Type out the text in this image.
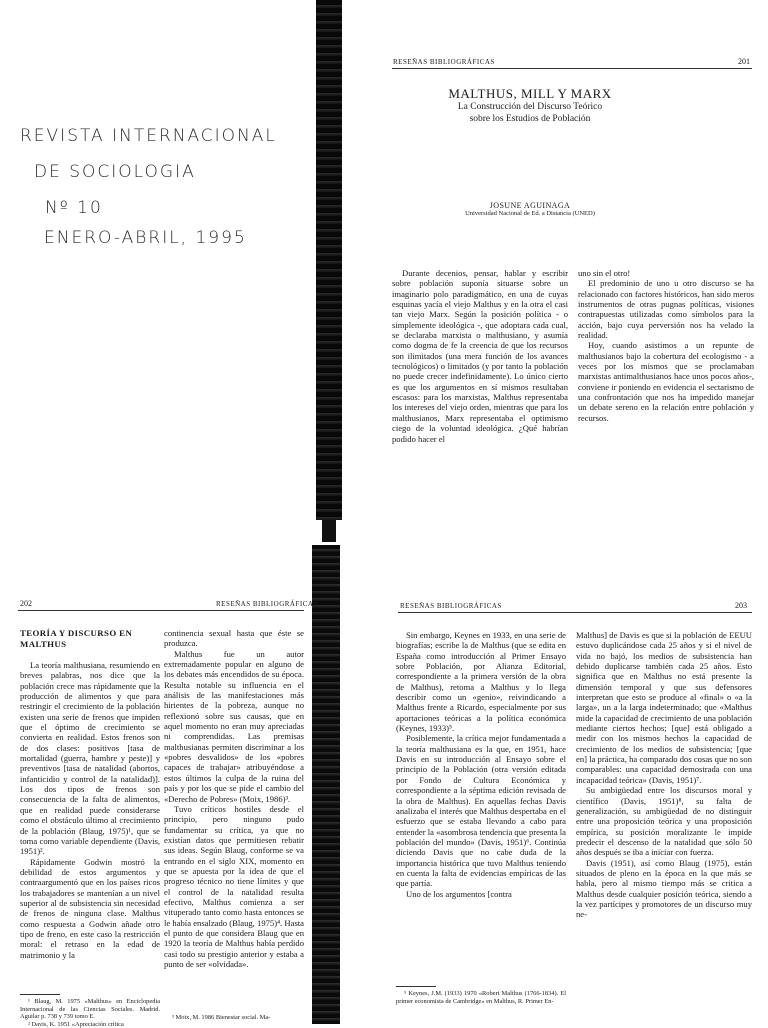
REVISTA INTERNACIONAL
DE SOCIOLOGIA
Nº 10
ENERO-ABRIL, 1995
RESEÑAS BIBLIOGRÁFICAS	201
MALTHUS, MILL Y MARX
La Construcción del Discurso Teórico
sobre los Estudios de Población
JOSUNE AGUINAGA
Universidad Nacional de Ed. a Distancia (UNED)

Durante decenios, pensar, hablar y escribir sobre población suponía situarse sobre un imaginario polo paradigmático, en una de cuyas esquinas yacía el viejo Malthus y en la otra el casi tan viejo Marx. Según la posición política - o simplemente ideológica -, que adoptara cada cual, se declaraba marxista o malthusiano, y asumía como dogma de fe la creencia de que los recursos son ilimitados (una mera función de los avances tecnológicos) o limitados (y por tanto la población no puede crecer indefinidamente). Lo único cierto es que los argumentos en sí mismos resultaban escasos: para los marxistas, Malthus representaba los intereses del viejo orden, mientras que para los malthusianos, Marx representaba el optimismo ciego de la voluntad ideológica. ¿Qué habrían podido hacer el

uno sin el otro!

El predominio de uno u otro discurso se ha relacionado con factores históricos, han sido meros instrumentos de otras pugnas políticas, visiones contrapuestas utilizadas como símbolos para la acción, bajo cuya perversión nos ha velado la realidad.

Hoy, cuando asistimos a un repunte de malthusianos bajo la cobertura del ecologismo - a veces por los mismos que se proclamaban marxistas antimalthusianos hace unos pocos años-, conviene ir poniendo en evidencia el sectarismo de una confrontación que nos ha impedido manejar un debate sereno en la relación entre población y recursos.

202	RESEÑAS BIBLIOGRÁFICAS
TEORÍA Y DISCURSO EN
MALTHUS

La teoría malthusiana, resumiendo en breves palabras, nos dice que la población crece mas rápidamente que la producción de alimentos y que para restringir el crecimiento de la población existen una serie de frenos que impiden que el óptimo de crecimiento se convierta en realidad. Estos frenos son de dos clases: positivos [tasa de mortalidad (guerra, hambre y peste)] y preventivos [tasa de natalidad (abortos, infanticidio y control de la natalidad)]. Los dos tipos de frenos son consecuencia de la falta de alimentos, que en realidad puede considerarse como el obstáculo último al crecimiento de la población (Blaug, 1975)¹, que se toma como variable dependiente (Davis, 1951)².

Rápidamente Godwin mostró la debilidad de estos argumentos y contraargumentó que en los países ricos los trabajadores se mantenían a un nivel superior al de subsistencia sin necesidad de frenos de ninguna clase. Malthus como respuesta a Godwin añade otro tipo de freno, en este caso la restricción moral: el retraso en la edad de matrimonio y la

continencia sexual hasta que éste se produzca.

Malthus fue un autor extremadamente popular en alguno de los debates más encendidos de su época. Resulta notable su influencia en el análisis de las manifestaciones más hirientes de la pobreza, aunque no reflexionó sobre sus causas, que en aquel momento no eran muy apreciadas ni comprendidas. Las premisas malthusianas permiten discriminar a los «pobres desvalidos» de los «pobres capaces de trabajar» atribuyéndose a estos últimos la culpa de la ruina del país y por los que se pide el cambio del «Derecho de Pobres» (Moix, 1986)³.

Tuvo críticos hostiles desde el principio, pero ninguno pudo fundamentar su crítica, ya que no existían datos que permitiesen rebatir sus ideas. Según Blaug, conforme se va entrando en el siglo XIX, momento en que se apuesta por la idea de que el progreso técnico no tiene límites y que el control de la natalidad resulta efectivo, Malthus comienza a ser vituperado tanto como hasta entonces se le había ensalzado (Blaug, 1975)⁴. Hasta el punto de que considera Blaug que en 1920 la teoría de Malthus había perdido casi todo su prestigio anterior y estaba a punto de ser «olvidada».

¹ Blaug, M. 1975 «Malthus» en Enciclopedia Internacional de las Ciencias Sociales. Madrid. Aguilar p. 738 y 739 tomo E.

² Davis, K. 1951 «Apreciación crítica

³ Moix, M. 1986 Bienestar social. Ma-

RESEÑAS BIBLIOGRÁFICAS	203

Sin embargo, Keynes en 1933, en una serie de biografías; escribe la de Malthus (que se edita en España como introducción al Primer Ensayo sobre Población, por Alianza Editorial, correspondiente a la primera versión de la obra de Malthus), retoma a Malthus y lo llega describir como un «genio», reivindicando a Malthus frente a Ricardo, especialmente por sus aportaciones teóricas a la política económica (Keynes, 1933)⁵.

Posiblemente, la crítica mejor fundamentada a la teoría malthusiana es la que, en 1951, hace Davis en su introducción al Ensayo sobre el principio de la Población (otra versión editada por Fondo de Cultura Económica y correspondiente a la séptima edición revisada de la obra de Malthus). En aquellas fechas Davis analizaba el interés que Malthus despertaba en el esfuerzo que se estaba llevando a cabo para entender la «asombrosa tendencia que presenta la población del mundo» (Davis, 1951)⁶. Continúa diciendo Davis que no cabe duda de la importancia histórica que tuvo Malthus teniendo en cuenta la falta de evidencias empíricas de las que partía.

Uno de los argumentos [contra

Malthus] de Davis es que si la población de EEUU estuvo duplicándose cada 25 años y si el nivel de vida no bajó, los medios de subsistencia han debido duplicarse también cada 25 años. Esto significa que en Malthus no está presente la dimensión temporal y que sus defensores interpretan que esto se produce al «final» o «a la larga», un a la larga indeterminado; que «Malthus mide la capacidad de crecimiento de una población mediante ciertos hechos; [que] está obligado a medir con los mismos hechos la capacidad de crecimiento de los medios de subsistencia; [que en] la práctica, ha comparado dos cosas que no son comparables: una capacidad demostrada con una incapacidad teórica» (Davis, 1951)⁷.

Su ambigüedad entre los discursos moral y científico (Davis, 1951)⁸, su falta de generalización, su ambigüedad de no distinguir entre una proposición teórica y una proposición empírica, su posición moralizante le impide predecir el descenso de la natalidad que sólo 50 años después se iba a iniciar con fuerza.

Davis (1951), así como Blaug (1975), están situados de pleno en la época en la que más se habla, pero al mismo tiempo más se critica a Malthus desde cualquier posición teórica, siendo a la vez partícipes y promotores de un discurso muy ne-

⁵ Keynes, J.M. (1933) 1970 «Robert Malthus (1766-1834). El primer economista de Cambridge» en Malthus, R. Primer En-
